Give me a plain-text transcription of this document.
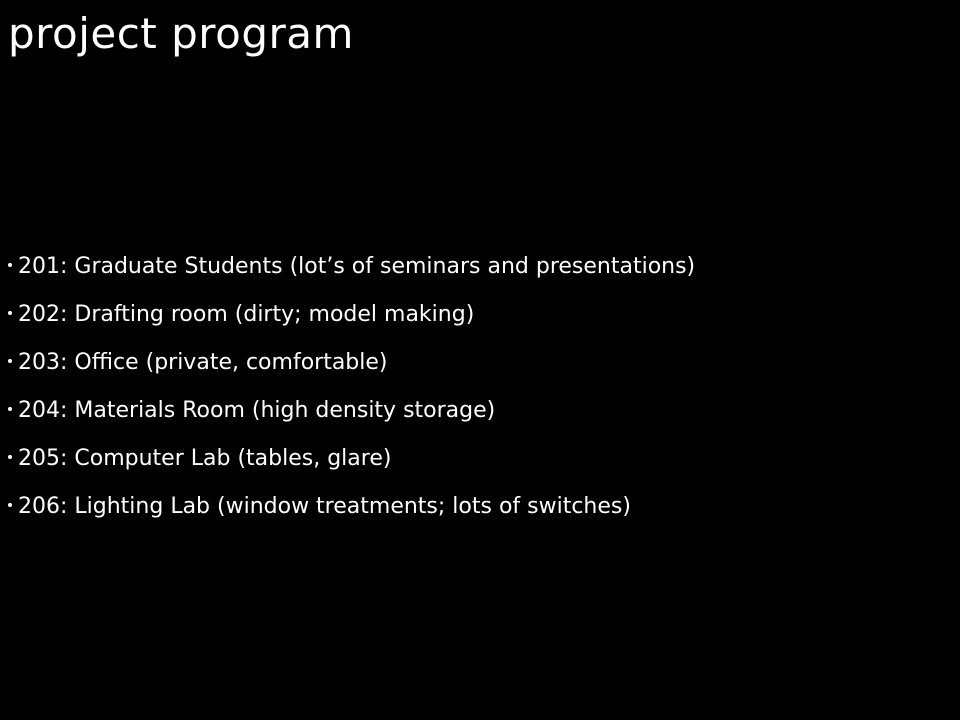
project program
201: Graduate Students (lot’s of seminars and presentations)
202: Drafting room (dirty; model making)
203: Office (private, comfortable)
204: Materials Room (high density storage)
205: Computer Lab (tables, glare)
206: Lighting Lab (window treatments; lots of switches)
